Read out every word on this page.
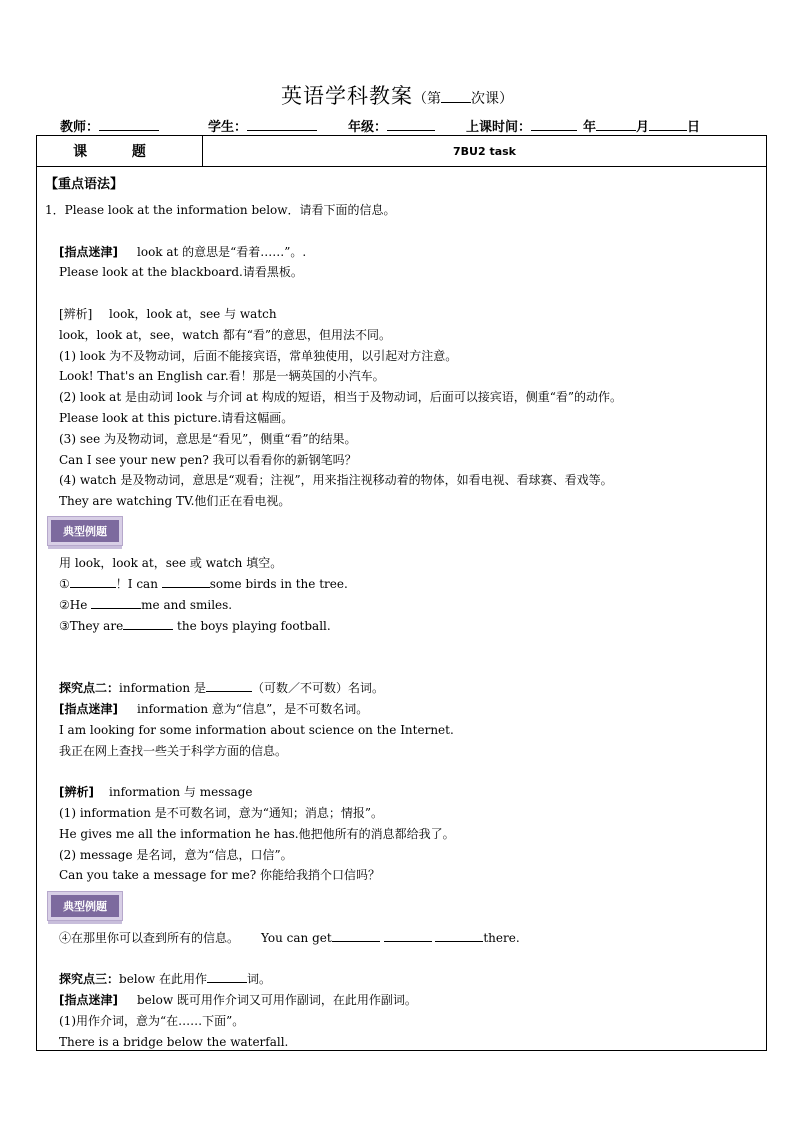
英语学科教案（第 次课）
教师：	学生：	年级：	上课时间：	年	月	日
课 题	7BU2 task
【重点语法】
1．Please look at the information below．请看下面的信息。
[指点迷津] look at 的意思是“看着……”。.
Please look at the blackboard.请看黑板。
[辨析] look，look at，see 与 watch
look，look at，see，watch 都有“看”的意思，但用法不同。
(1) look 为不及物动词，后面不能接宾语，常单独使用，以引起对方注意。
Look! That's an English car.看！那是一辆英国的小汽车。
(2) look at 是由动词 look 与介词 at 构成的短语，相当于及物动词，后面可以接宾语，侧重“看”的动作。
Please look at this picture.请看这幅画。
(3) see 为及物动词，意思是“看见”，侧重“看”的结果。
Can I see your new pen? 我可以看看你的新钢笔吗？
(4) watch 是及物动词，意思是“观看；注视”，用来指注视移动着的物体，如看电视、看球赛、看戏等。
They are watching TV.他们正在看电视。
典型例题
用 look，look at，see 或 watch 填空。
①	！I can	some birds in the tree.
②He	me and smiles.
③They are	the boys playing football.
探究点二：information 是	（可数／不可数）名词。
[指点迷津] information 意为“信息”，是不可数名词。
I am looking for some information about science on the Internet.
我正在网上查找一些关于科学方面的信息。
[辨析] information 与 message
(1) information 是不可数名词，意为“通知；消息；情报”。
He gives me all the information he has.他把他所有的消息都给我了。
(2) message 是名词，意为“信息，口信”。
Can you take a message for me? 你能给我捎个口信吗？
典型例题
④在那里你可以查到所有的信息。 You can get	there.
探究点三：below 在此用作	词。
[指点迷津] below 既可用作介词又可用作副词，在此用作副词。
(1)用作介词，意为“在……下面”。
There is a bridge below the waterfall.
